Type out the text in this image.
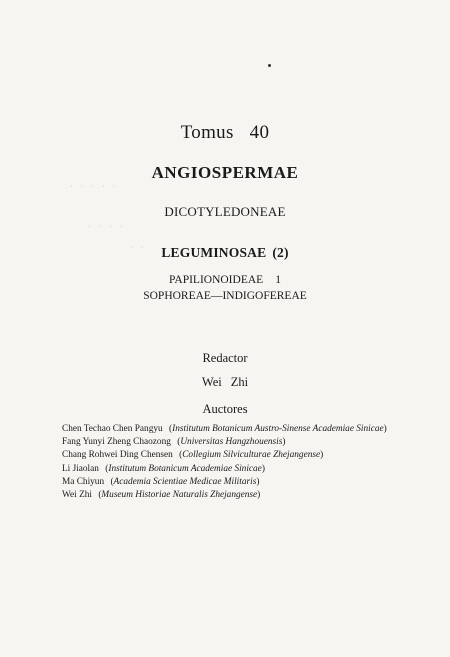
· · · · ·
· · · ·
· ·
Tomus 40
ANGIOSPERMAE
DICOTYLEDONEAE
LEGUMINOSAE (2)
PAPILIONOIDEAE 1
SOPHOREAE—INDIGOFEREAE
Redactor
Wei Zhi
Auctores
Chen Techao Chen Pangyu (Institutum Botanicum Austro-Sinense Academiae Sinicae)
Fang Yunyi Zheng Chaozong (Universitas Hangzhouensis)
Chang Rohwei Ding Chensen (Collegium Silviculturae Zhejangense)
Li Jiaolan (Institutum Botanicum Academiae Sinicae)
Ma Chiyun (Academia Scientiae Medicae Militaris)
Wei Zhi (Museum Historiae Naturalis Zhejangense)
